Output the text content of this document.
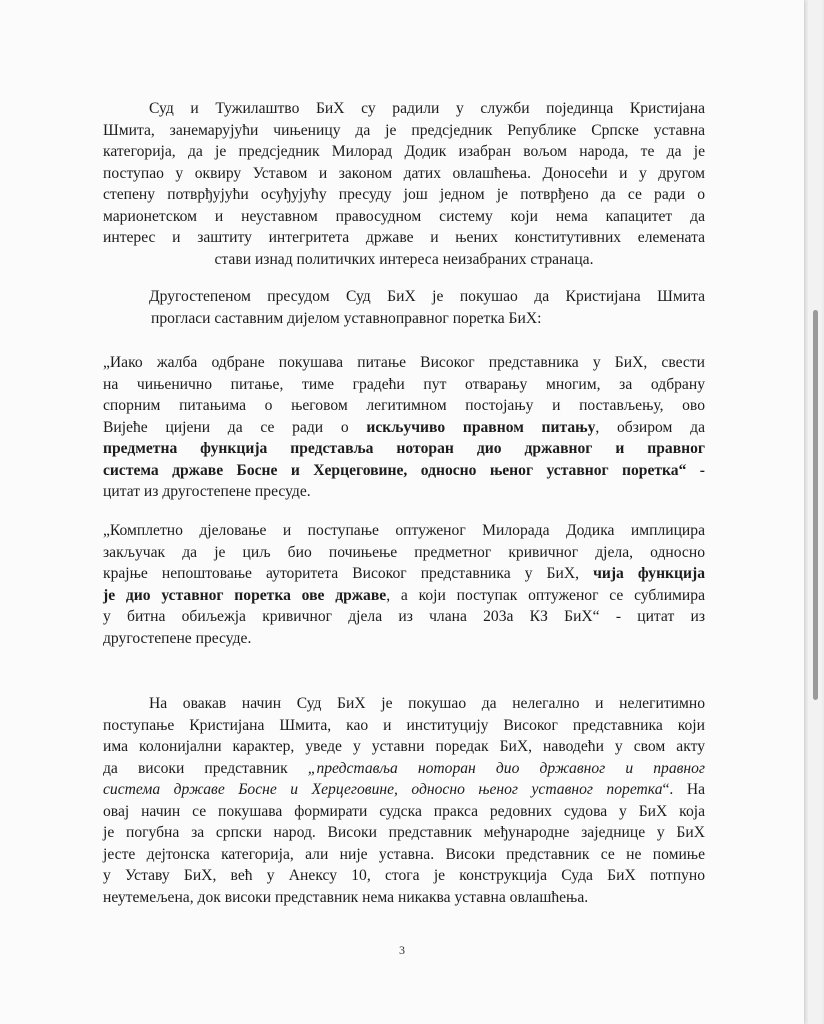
Суд и Тужилаштво БиХ су радили у служби појединца Кристијана
Шмита, занемарујући чињеницу да је предсједник Републике Српске уставна
категорија, да је предсједник Милорад Додик изабран вољом народа, те да је
поступао у оквиру Уставом и законом датих овлашћења. Доносећи и у другом
степену потврђујући осуђујућу пресуду још једном је потврђено да се ради о
марионетском и неуставном правосудном систему који нема капацитет да
интерес и заштиту интегритета државе и њених конститутивних елемената
стави изнад политичких интереса неизабраних странаца.
Другостепеном пресудом Суд БиХ је покушао да Кристијана Шмита
прогласи саставним дијелом уставноправног поретка БиХ:
„Иако жалба одбране покушава питање Високог представника у БиХ, свести
на чињенично питање, тиме градећи пут отварању многим, за одбрану
спорним питањима о његовом легитимном постојању и постављењу, ово
Вијеће цијени да се ради о искључиво правном питању, обзиром да
предметна функција представља нотoран дио државног и правног
система државе Босне и Херцеговине, односно њеног уставног поретка“ -
цитат из другостепене пресуде.
„Комплетно дјеловање и поступање оптуженог Милорада Додика имплицира
закључак да је циљ био почињење предметног кривичног дјела, односно
крајње непоштовање ауторитета Високог представника у БиХ, чија функција
је дио уставног поретка ове државе, а који поступак оптуженог се сублимира
у битна обиљежја кривичног дјела из члана 203а КЗ БиХ“ - цитат из
другостепене пресуде.
На овакав начин Суд БиХ је покушао да нелегално и нелегитимно
поступање Кристијана Шмита, као и институцију Високог представника који
има колонијални карактер, уведе у уставни поредак БиХ, наводећи у свом акту
да високи представник „представља нотoран дио државног и правног
система државе Босне и Херцеговине, односно њеног уставног поретка“. На
овај начин се покушава формирати судска пракса редовних судова у БиХ која
је погубна за српски народ. Високи представник међународне заједнице у БиХ
јесте дејтонска категорија, али није уставна. Високи представник се не помиње
у Уставу БиХ, већ у Анексу 10, стога је конструкција Суда БиХ потпуно
неутемељена, док високи представник нема никаква уставна овлашћења.
3
